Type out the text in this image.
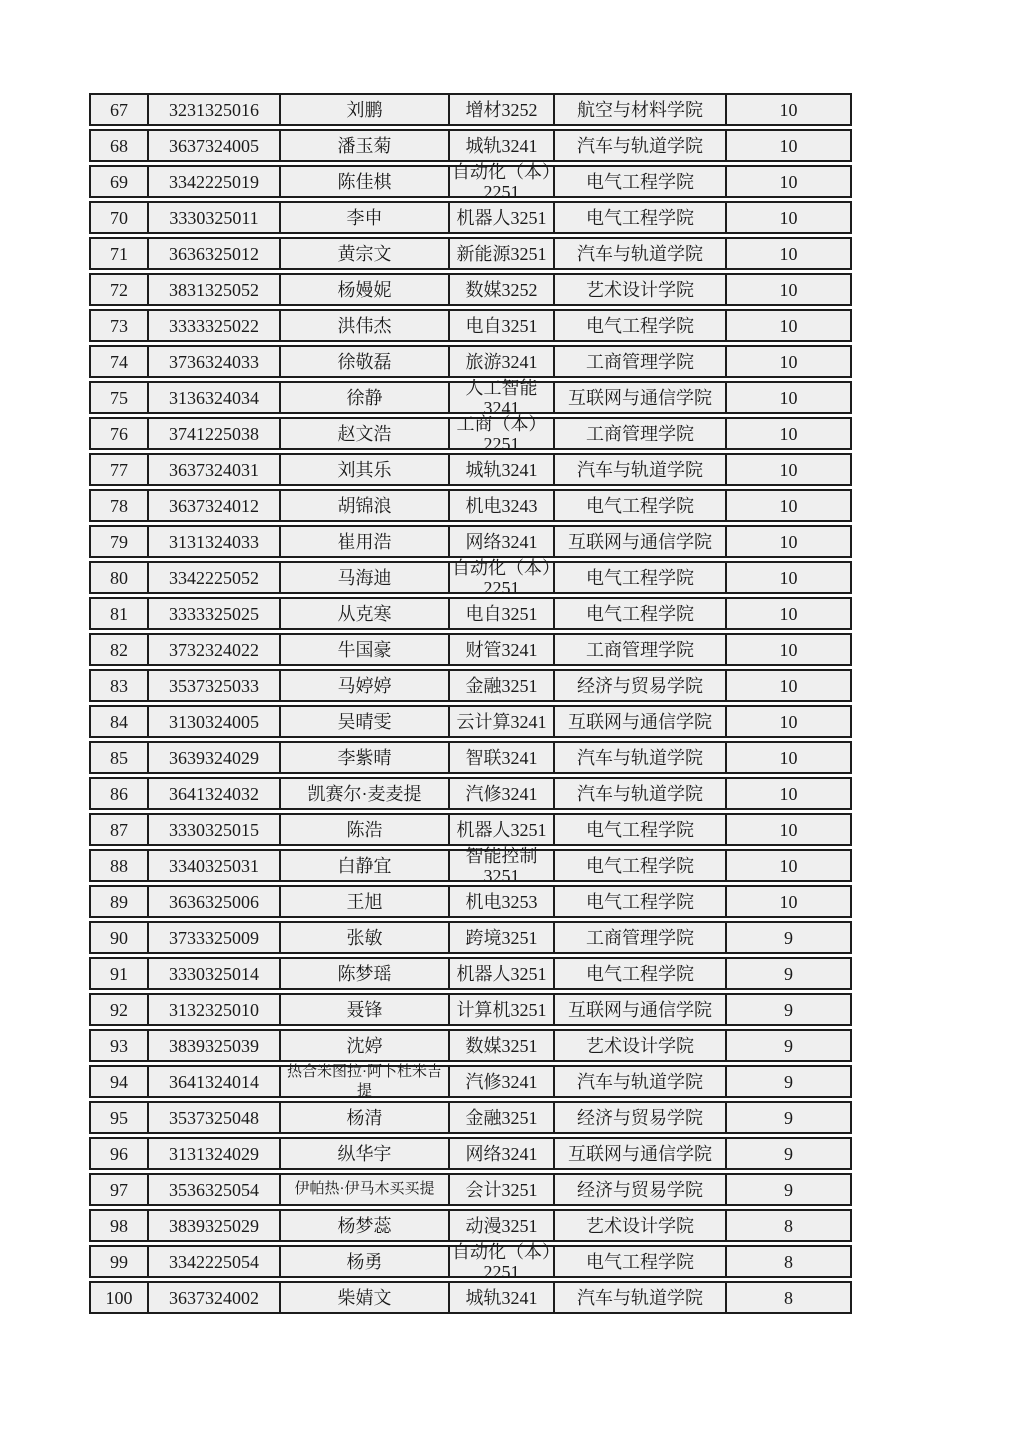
67	3231325016	刘鹏	增材3252	航空与材料学院	10

68	3637324005	潘玉菊	城轨3241	汽车与轨道学院	10

69	3342225019	陈佳棋	自动化（本）2251	电气工程学院	10

70	3330325011	李申	机器人3251	电气工程学院	10

71	3636325012	黄宗文	新能源3251	汽车与轨道学院	10

72	3831325052	杨嫚妮	数媒3252	艺术设计学院	10

73	3333325022	洪伟杰	电自3251	电气工程学院	10

74	3736324033	徐敬磊	旅游3241	工商管理学院	10

75	3136324034	徐静	人工智能3241	互联网与通信学院	10

76	3741225038	赵文浩	工商（本）2251	工商管理学院	10

77	3637324031	刘其乐	城轨3241	汽车与轨道学院	10

78	3637324012	胡锦浪	机电3243	电气工程学院	10

79	3131324033	崔用浩	网络3241	互联网与通信学院	10

80	3342225052	马海迪	自动化（本）2251	电气工程学院	10

81	3333325025	从克寒	电自3251	电气工程学院	10

82	3732324022	牛国豪	财管3241	工商管理学院	10

83	3537325033	马婷婷	金融3251	经济与贸易学院	10

84	3130324005	吴晴雯	云计算3241	互联网与通信学院	10

85	3639324029	李紫晴	智联3241	汽车与轨道学院	10

86	3641324032	凯赛尔·麦麦提	汽修3241	汽车与轨道学院	10

87	3330325015	陈浩	机器人3251	电气工程学院	10

88	3340325031	白静宜	智能控制3251	电气工程学院	10

89	3636325006	王旭	机电3253	电气工程学院	10

90	3733325009	张敏	跨境3251	工商管理学院	9

91	3330325014	陈梦瑶	机器人3251	电气工程学院	9

92	3132325010	聂锋	计算机3251	互联网与通信学院	9

93	3839325039	沈婷	数媒3251	艺术设计学院	9

94	3641324014	热合米图拉·阿卜杜米吉提	汽修3241	汽车与轨道学院	9

95	3537325048	杨清	金融3251	经济与贸易学院	9

96	3131324029	纵华宇	网络3241	互联网与通信学院	9

97	3536325054	伊帕热·伊马木买买提	会计3251	经济与贸易学院	9

98	3839325029	杨梦蕊	动漫3251	艺术设计学院	8

99	3342225054	杨勇	自动化（本）2251	电气工程学院	8

100	3637324002	柴婧文	城轨3241	汽车与轨道学院	8
